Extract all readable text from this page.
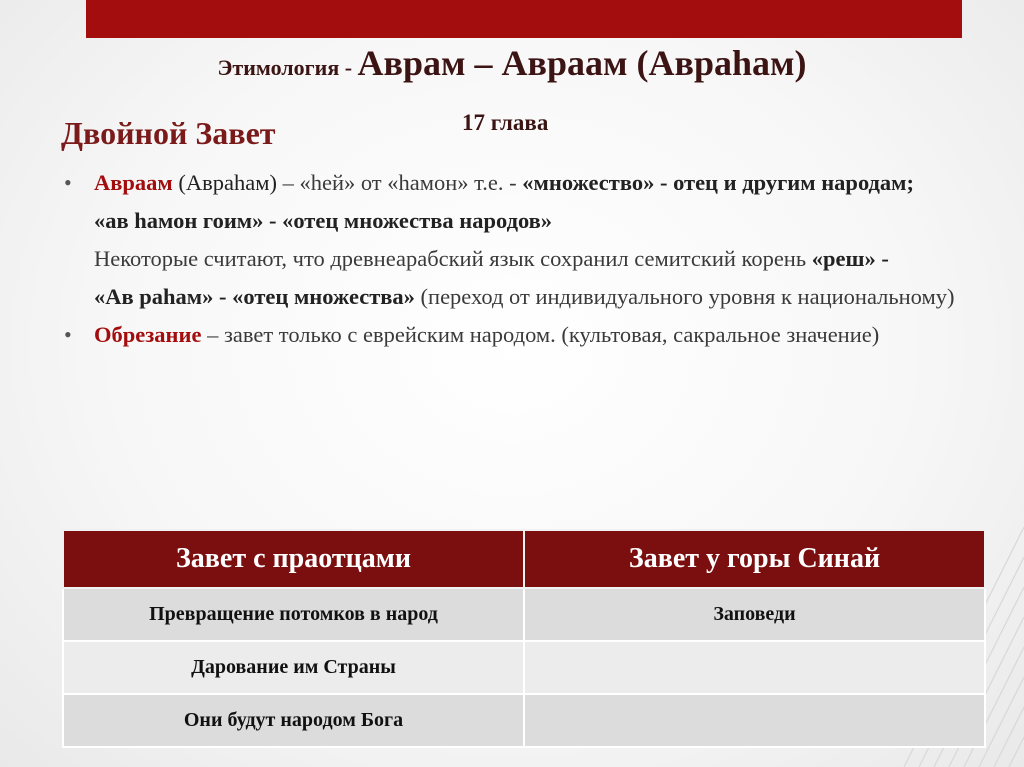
Этимология - Аврам – Авраам (Авраhам)
17 глава
Двойной Завет
• Авраам (Авраhам) – «hей» от «hамон» т.е. - «множество» - отец и другим народам;
«ав hамон гоим» - «отец множества народов»
Некоторые считают, что древнеарабский язык сохранил семитский корень «реш» -
«Ав раhам» - «отец множества» (переход от индивидуального уровня к национальному)
• Обрезание – завет только с еврейским народом. (культовая, сакральное значение)
Завет с праотцами	Завет у горы Синай
Превращение потомков в народ	Заповеди
Дарование им Страны	
Они будут народом Бога	
